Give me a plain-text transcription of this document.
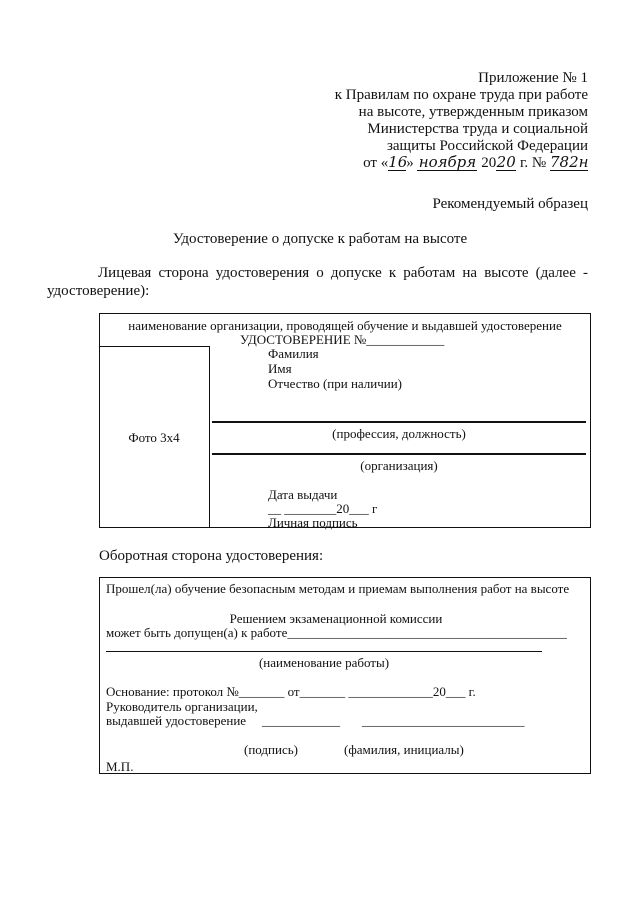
Приложение № 1
к Правилам по охране труда при работе
на высоте, утвержденным приказом
Министерства труда и социальной
защиты Российской Федерации
от «16» ноября 2020 г. № 782н
Рекомендуемый образец
Удостоверение о допуске к работам на высоте
Лицевая сторона удостоверения о допуске к работам на высоте (далее -
удостоверение):
наименование организации, проводящей обучение и выдавшей удостоверение
УДОСТОВЕРЕНИЕ №____________
Фото 3x4
Фамилия
Имя
Отчество (при наличии)
(профессия, должность)
(организация)
Дата выдачи
__ ________20___ г
Личная подпись
Оборотная сторона удостоверения:
Прошел(ла) обучение безопасным методам и приемам выполнения работ на высоте
Решением экзаменационной комиссии
может быть допущен(а) к работе___________________________________________
(наименование работы)
Основание: протокол №_______ от_______ _____________20___ г.
Руководитель организации,
выдавшей удостоверение ____________ _________________________
(подпись)	(фамилия, инициалы)
М.П.
